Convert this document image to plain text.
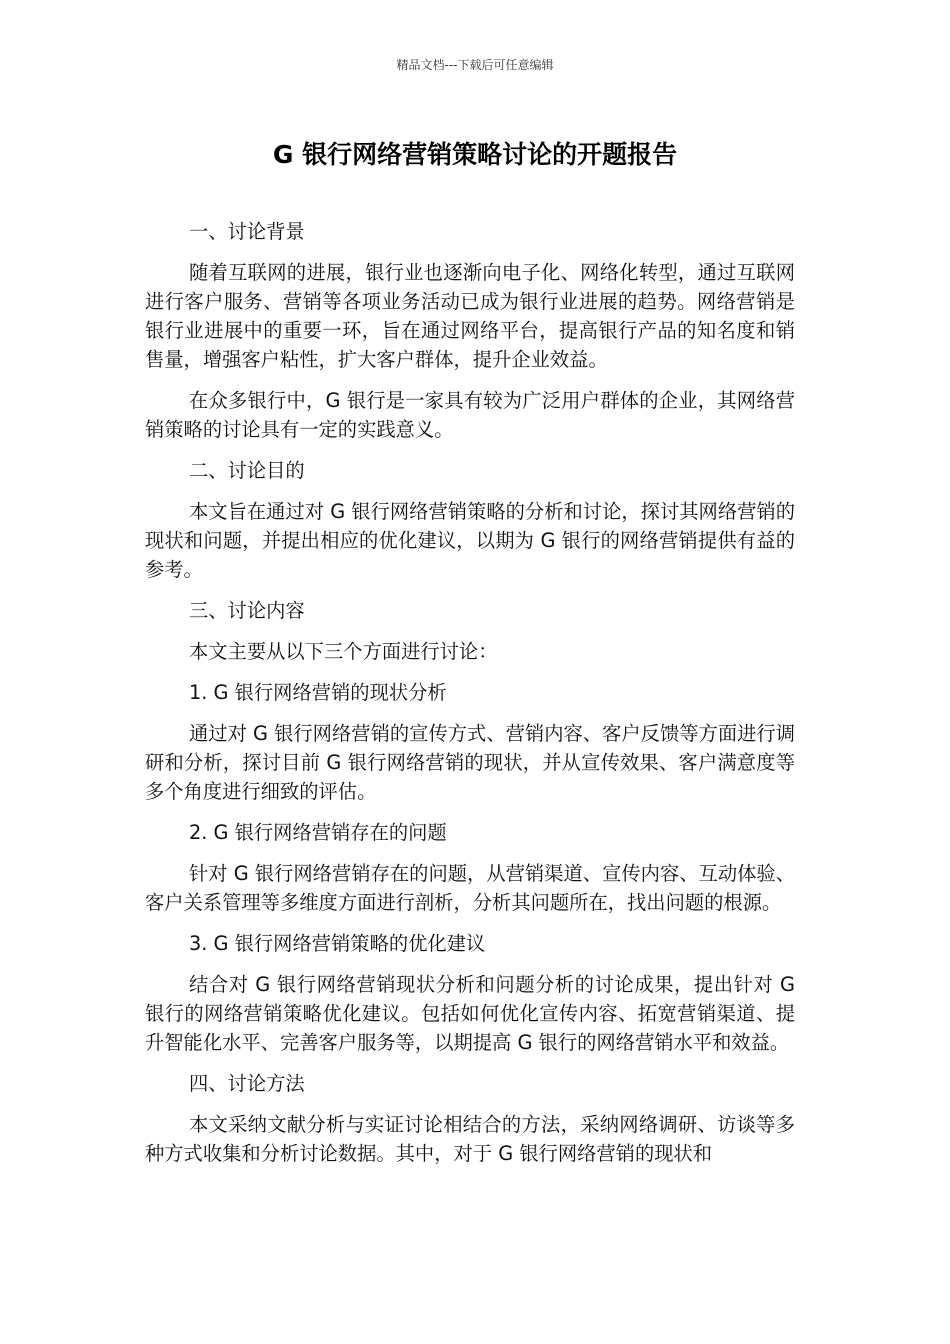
精品文档---下载后可任意编辑
G 银行网络营销策略讨论的开题报告

一、讨论背景

随着互联网的进展，银行业也逐渐向电子化、网络化转型，通过互联网进行客户服务、营销等各项业务活动已成为银行业进展的趋势。网络营销是银行业进展中的重要一环，旨在通过网络平台，提高银行产品的知名度和销售量，增强客户粘性，扩大客户群体，提升企业效益。

在众多银行中，G 银行是一家具有较为广泛用户群体的企业，其网络营销策略的讨论具有一定的实践意义。

二、讨论目的

本文旨在通过对 G 银行网络营销策略的分析和讨论，探讨其网络营销的现状和问题，并提出相应的优化建议，以期为 G 银行的网络营销提供有益的参考。

三、讨论内容

本文主要从以下三个方面进行讨论：

1. G 银行网络营销的现状分析

通过对 G 银行网络营销的宣传方式、营销内容、客户反馈等方面进行调研和分析，探讨目前 G 银行网络营销的现状，并从宣传效果、客户满意度等多个角度进行细致的评估。

2. G 银行网络营销存在的问题

针对 G 银行网络营销存在的问题，从营销渠道、宣传内容、互动体验、客户关系管理等多维度方面进行剖析，分析其问题所在，找出问题的根源。

3. G 银行网络营销策略的优化建议

结合对 G 银行网络营销现状分析和问题分析的讨论成果，提出针对 G 银行的网络营销策略优化建议。包括如何优化宣传内容、拓宽营销渠道、提升智能化水平、完善客户服务等，以期提高 G 银行的网络营销水平和效益。

四、讨论方法

本文采纳文献分析与实证讨论相结合的方法，采纳网络调研、访谈等多种方式收集和分析讨论数据。其中，对于 G 银行网络营销的现状和
